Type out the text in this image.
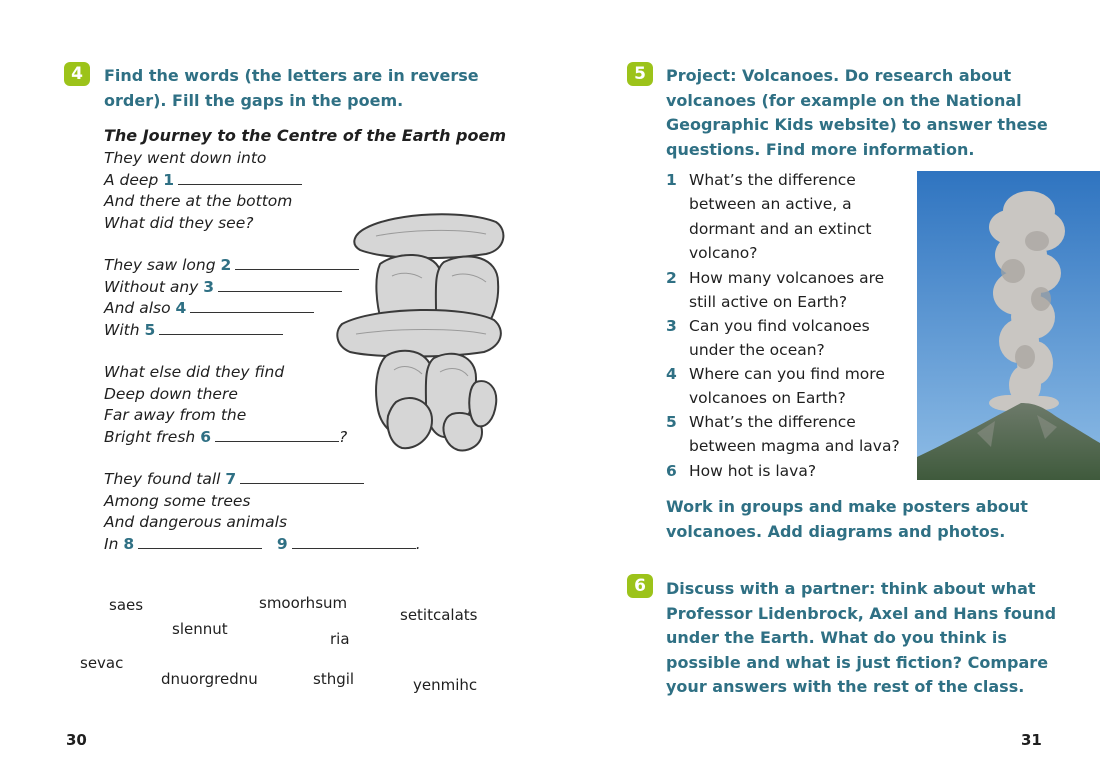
4	Find the words (the letters are in reverse
order). Fill the gaps in the poem.
The Journey to the Centre of the Earth poem
They went down into
A deep 1
And there at the bottom
What did they see?
They saw long 2
Without any 3
And also 4
With 5
What else did they find
Deep down there
Far away from the
Bright fresh 6	?
They found tall 7
Among some trees
And dangerous animals
In 8	9	.
saes	smoorhsum
setitcalats
slennut
ria
sevac
dnuorgrednu	sthgil	yenmihc
30
5	Project: Volcanoes. Do research about
volcanoes (for example on the National
Geographic Kids website) to answer these
questions. Find more information.
1 What’s the difference
between an active, a
dormant and an extinct
volcano?
2 How many volcanoes are
still active on Earth?
3 Can you find volcanoes
under the ocean?
4 Where can you find more
volcanoes on Earth?
5 What’s the difference
between magma and lava?
6 How hot is lava?
Work in groups and make posters about
volcanoes. Add diagrams and photos.
6	Discuss with a partner: think about what
Professor Lidenbrock, Axel and Hans found
under the Earth. What do you think is
possible and what is just fiction? Compare
your answers with the rest of the class.
31
